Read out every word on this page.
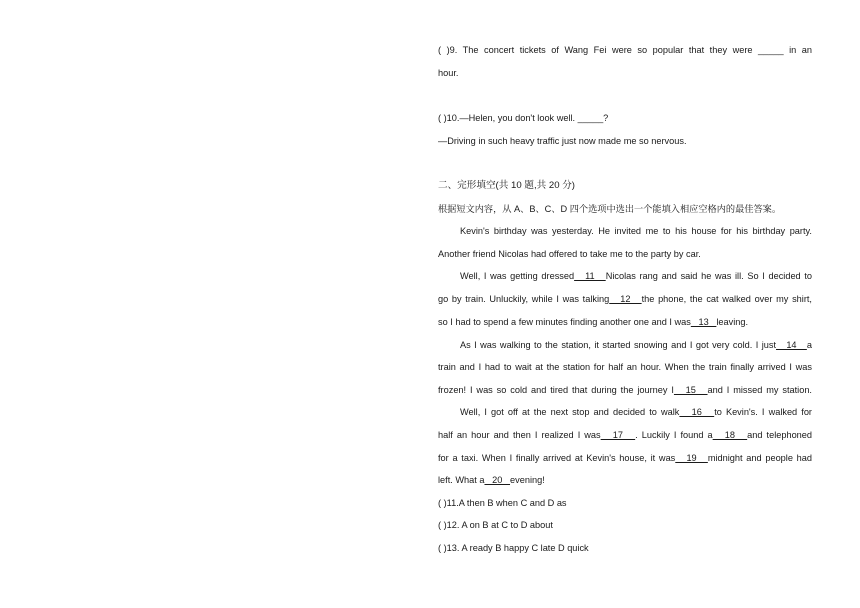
( )9. The concert tickets of Wang Fei were so popular that they were _____ in an
hour.
( )10.—Helen, you don't look well. _____?
—Driving in such heavy traffic just now made me so nervous.
二、完形填空(共 10 题,共 20 分)
根据短文内容，从 A、B、C、D 四个选项中选出一个能填入相应空格内的最佳答案。
Kevin's birthday was yesterday. He invited me to his house for his birthday party.
Another friend Nicolas had offered to take me to the party by car.
Well, I was getting dressed   11   Nicolas rang and said he was ill. So I decided to
go by train. Unluckily, while I was talking   12   the phone, the cat walked over my shirt,
so I had to spend a few minutes finding another one and I was   13   leaving.
As I was walking to the station, it started snowing and I got very cold. I just   14   a
train and I had to wait at the station for half an hour. When the train finally arrived I was
frozen! I was so cold and tired that during the journey I   15   and I missed my station.
Well, I got off at the next stop and decided to walk   16   to Kevin's. I walked for
half an hour and then I realized I was   17   . Luckily I found a   18   and telephoned
for a taxi. When I finally arrived at Kevin's house, it was   19   midnight and people had
left. What a   20   evening!
( )11.A then B when C and D as
( )12. A on B at C to D about
( )13. A ready B happy C late D quick
